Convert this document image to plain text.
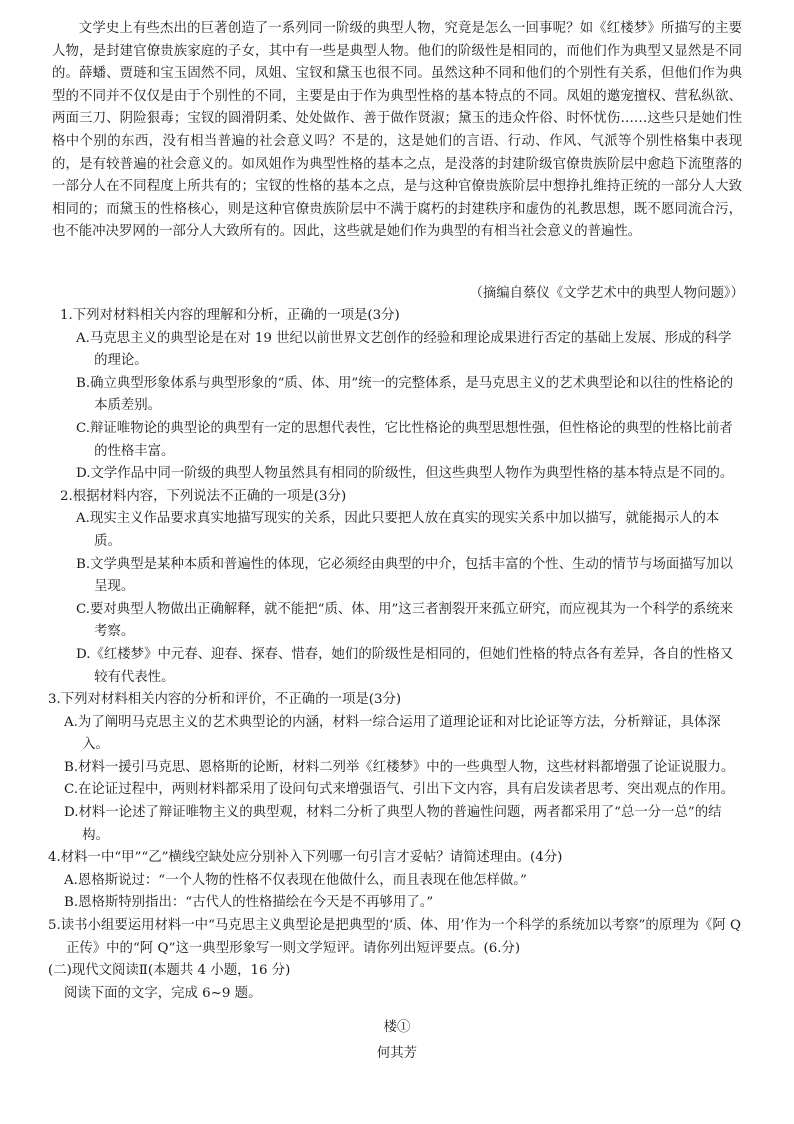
文学史上有些杰出的巨著创造了一系列同一阶级的典型人物，究竟是怎么一回事呢？如《红楼梦》所描写的主要人物，是封建官僚贵族家庭的子女，其中有一些是典型人物。他们的阶级性是相同的，而他们作为典型又显然是不同的。薛蟠、贾琏和宝玉固然不同，凤姐、宝钗和黛玉也很不同。虽然这种不同和他们的个别性有关系，但他们作为典型的不同并不仅仅是由于个别性的不同，主要是由于作为典型性格的基本特点的不同。凤姐的邀宠擅权、营私纵欲、两面三刀、阴险狠毒；宝钗的圆滑阴柔、处处做作、善于做作贤淑；黛玉的违众忤俗、时怀忧伤……这些只是她们性格中个别的东西，没有相当普遍的社会意义吗？不是的，这是她们的言语、行动、作风、气派等个别性格集中表现的，是有较普遍的社会意义的。如凤姐作为典型性格的基本之点，是没落的封建阶级官僚贵族阶层中愈趋下流堕落的一部分人在不同程度上所共有的；宝钗的性格的基本之点，是与这种官僚贵族阶层中想挣扎维持正统的一部分人大致相同的；而黛玉的性格核心，则是这种官僚贵族阶层中不满于腐朽的封建秩序和虚伪的礼教思想，既不愿同流合污，也不能冲决罗网的一部分人大致所有的。因此，这些就是她们作为典型的有相当社会意义的普遍性。

（摘编自蔡仪《文学艺术中的典型人物问题》）

1.下列对材料相关内容的理解和分析，正确的一项是(3分)
A.马克思主义的典型论是在对 19 世纪以前世界文艺创作的经验和理论成果进行否定的基础上发展、形成的科学的理论。
B.确立典型形象体系与典型形象的“质、体、用”统一的完整体系，是马克思主义的艺术典型论和以往的性格论的本质差别。
C.辩证唯物论的典型论的典型有一定的思想代表性，它比性格论的典型思想性强，但性格论的典型的性格比前者的性格丰富。
D.文学作品中同一阶级的典型人物虽然具有相同的阶级性，但这些典型人物作为典型性格的基本特点是不同的。
2.根据材料内容，下列说法不正确的一项是(3分)
A.现实主义作品要求真实地描写现实的关系，因此只要把人放在真实的现实关系中加以描写，就能揭示人的本质。
B.文学典型是某种本质和普遍性的体现，它必须经由典型的中介，包括丰富的个性、生动的情节与场面描写加以呈现。
C.要对典型人物做出正确解释，就不能把“质、体、用”这三者割裂开来孤立研究，而应视其为一个科学的系统来考察。
D.《红楼梦》中元春、迎春、探春、惜春，她们的阶级性是相同的，但她们性格的特点各有差异，各自的性格又较有代表性。
3.下列对材料相关内容的分析和评价，不正确的一项是(3分)
A.为了阐明马克思主义的艺术典型论的内涵，材料一综合运用了道理论证和对比论证等方法，分析辩证，具体深入。
B.材料一援引马克思、恩格斯的论断，材料二列举《红楼梦》中的一些典型人物，这些材料都增强了论证说服力。
C.在论证过程中，两则材料都采用了设问句式来增强语气、引出下文内容，具有启发读者思考、突出观点的作用。
D.材料一论述了辩证唯物主义的典型观，材料二分析了典型人物的普遍性问题，两者都采用了“总一分一总”的结构。
4.材料一中“甲”“乙”横线空缺处应分别补入下列哪一句引言才妥帖？请简述理由。(4分)
A.恩格斯说过：“一个人物的性格不仅表现在他做什么，而且表现在他怎样做。”
B.恩格斯特别指出：“古代人的性格描绘在今天是不再够用了。”
5.读书小组要运用材料一中“马克思主义典型论是把典型的‘质、体、用’作为一个科学的系统加以考察”的原理为《阿 Q正传》中的“阿 Q”这一典型形象写一则文学短评。请你列出短评要点。(6.分)
(二)现代文阅读Ⅱ(本题共 4 小题，16 分)
阅读下面的文字，完成 6~9 题。
楼①
何其芳
